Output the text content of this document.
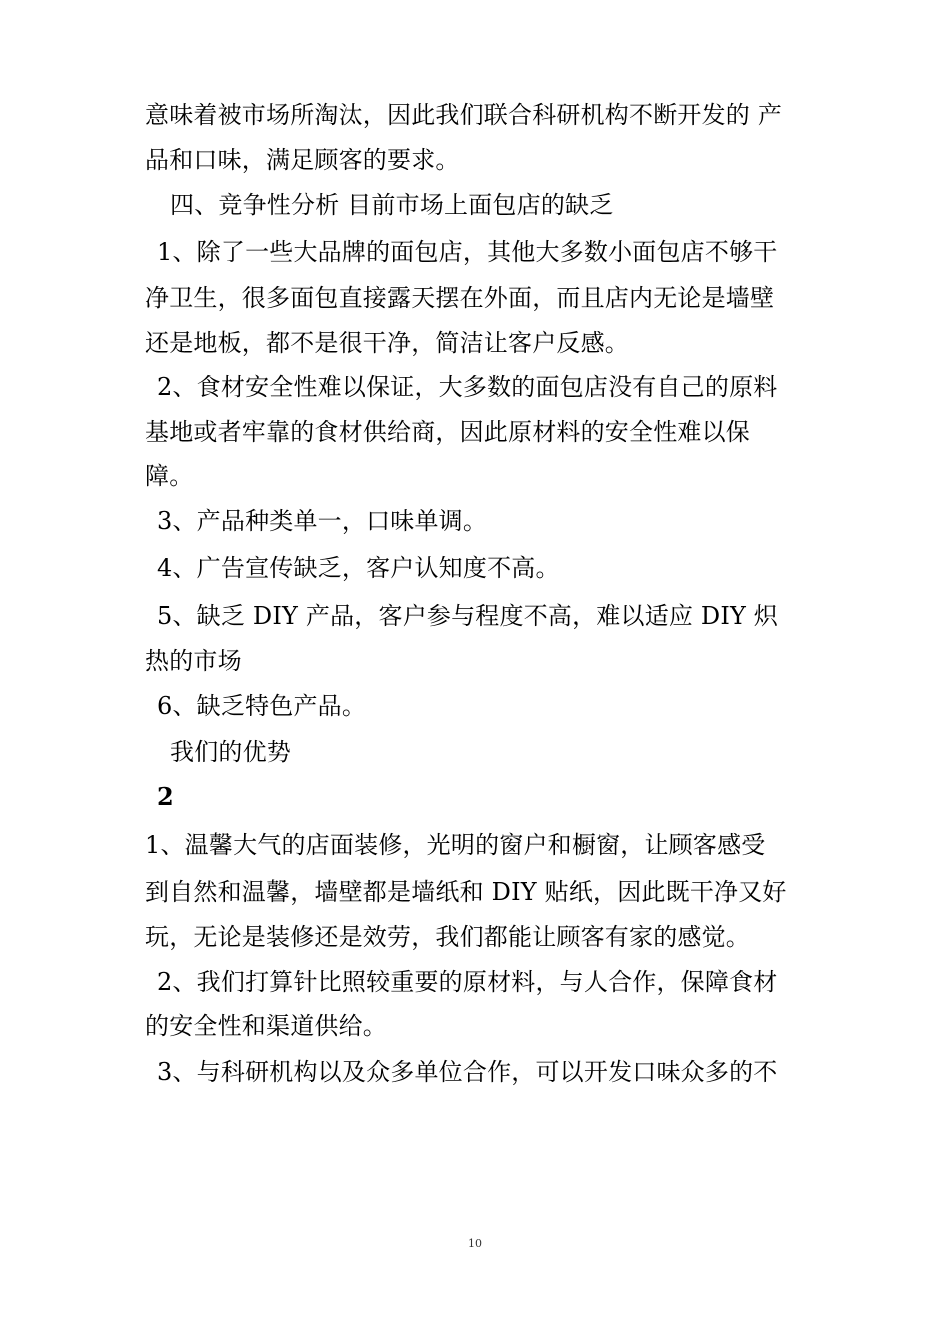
意味着被市场所淘汰，因此我们联合科研机构不断开发的 产
品和口味，满足顾客的要求。
四、竞争性分析 目前市场上面包店的缺乏
1、除了一些大品牌的面包店，其他大多数小面包店不够干
净卫生，很多面包直接露天摆在外面，而且店内无论是墙壁
还是地板，都不是很干净，简洁让客户反感。
2、食材安全性难以保证，大多数的面包店没有自己的原料
基地或者牢靠的食材供给商，因此原材料的安全性难以保
障。
3、产品种类单一，口味单调。
4、广告宣传缺乏，客户认知度不高。
5、缺乏 DIY 产品，客户参与程度不高，难以适应 DIY 炽
热的市场
6、缺乏特色产品。
我们的优势
2
1、温馨大气的店面装修，光明的窗户和橱窗，让顾客感受
到自然和温馨，墙壁都是墙纸和 DIY 贴纸，因此既干净又好
玩，无论是装修还是效劳，我们都能让顾客有家的感觉。
2、我们打算针比照较重要的原材料，与人合作，保障食材
的安全性和渠道供给。
3、与科研机构以及众多单位合作，可以开发口味众多的不
10
